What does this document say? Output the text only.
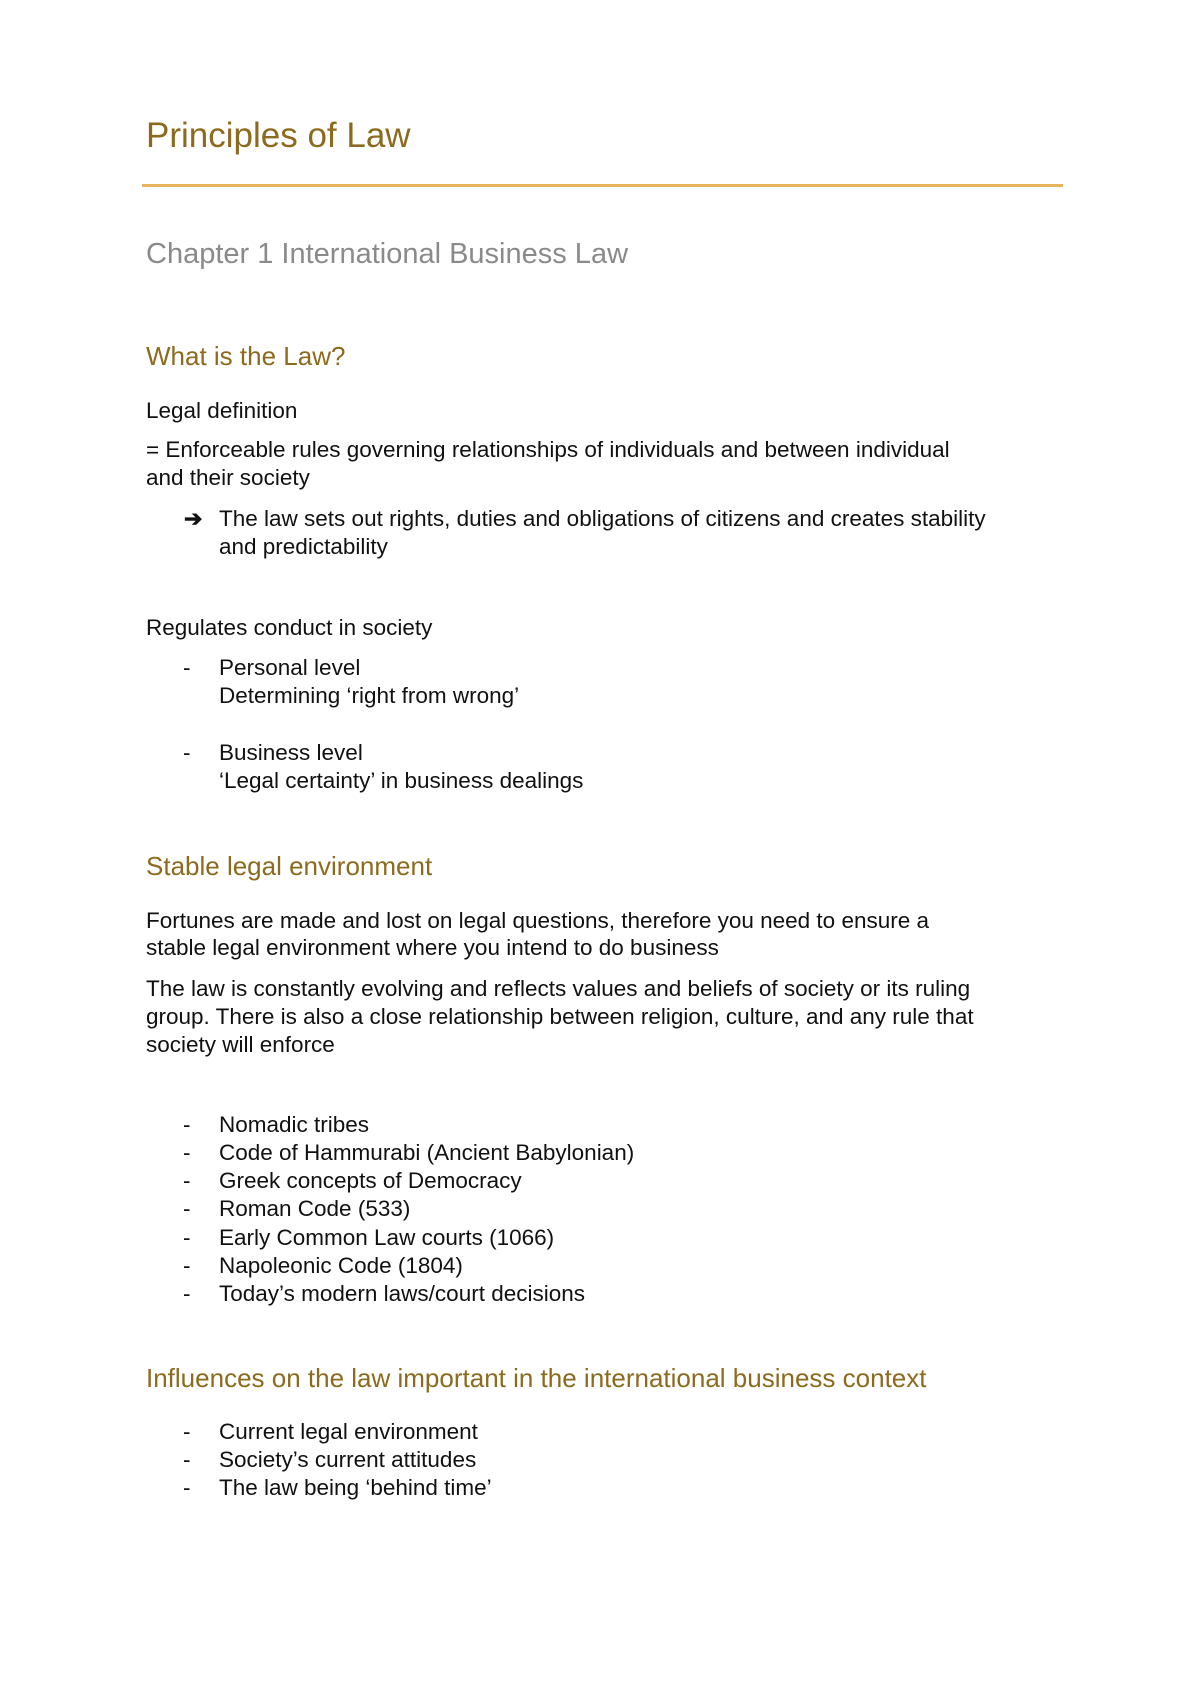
Principles of Law
Chapter 1 International Business Law
What is the Law?

Legal definition

= Enforceable rules governing relationships of individuals and between individual

and their society

➔ The law sets out rights, duties and obligations of citizens and creates stability

and predictability

Regulates conduct in society

- Personal level

Determining ‘right from wrong’

- Business level

‘Legal certainty’ in business dealings

Stable legal environment

Fortunes are made and lost on legal questions, therefore you need to ensure a

stable legal environment where you intend to do business

The law is constantly evolving and reflects values and beliefs of society or its ruling

group. There is also a close relationship between religion, culture, and any rule that

society will enforce

- Nomadic tribes

- Code of Hammurabi (Ancient Babylonian)

- Greek concepts of Democracy

- Roman Code (533)

- Early Common Law courts (1066)

- Napoleonic Code (1804)

- Today’s modern laws/court decisions

Influences on the law important in the international business context
- Current legal environment

- Society’s current attitudes

- The law being ‘behind time’
